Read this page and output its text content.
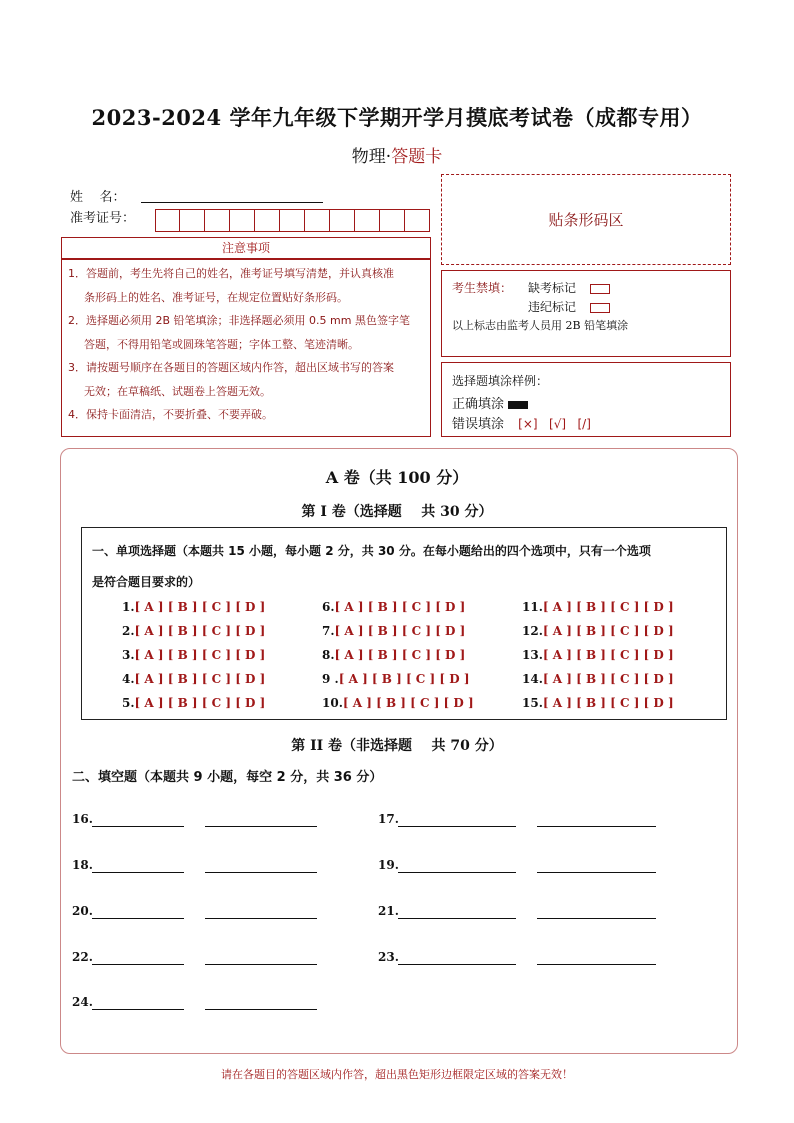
2023-2024 学年九年级下学期开学月摸底考试卷（成都专用）
物理·答题卡
姓    名：
准考证号：
注意事项
1．答题前，考生先将自己的姓名，准考证号填写清楚，并认真核准
条形码上的姓名、准考证号，在规定位置贴好条形码。
2．选择题必须用 2B 铅笔填涂；非选择题必须用 0.5 mm 黑色签字笔
答题，不得用铅笔或圆珠笔答题；字体工整、笔迹清晰。
3．请按题号顺序在各题目的答题区域内作答，超出区域书写的答案
无效；在草稿纸、试题卷上答题无效。
4．保持卡面清洁，不要折叠、不要弄破。
贴条形码区
考生禁填： 缺考标记
违纪标记
以上标志由监考人员用 2B 铅笔填涂
选择题填涂样例：
正确填涂
错误填涂 [×]   [√]   [/]
A 卷（共 100 分）
第 I 卷（选择题    共 30 分）
一、单项选择题（本题共 15 小题，每小题 2 分，共 30 分。在每小题给出的四个选项中，只有一个选项
是符合题目要求的）
1.[ A ] [ B ] [ C ] [ D ]
2.[ A ] [ B ] [ C ] [ D ]
3.[ A ] [ B ] [ C ] [ D ]
4.[ A ] [ B ] [ C ] [ D ]
5.[ A ] [ B ] [ C ] [ D ]
6.[ A ] [ B ] [ C ] [ D ]
7.[ A ] [ B ] [ C ] [ D ]
8.[ A ] [ B ] [ C ] [ D ]
9 .[ A ] [ B ] [ C ] [ D ]
10.[ A ] [ B ] [ C ] [ D ]
11.[ A ] [ B ] [ C ] [ D ]
12.[ A ] [ B ] [ C ] [ D ]
13.[ A ] [ B ] [ C ] [ D ]
14.[ A ] [ B ] [ C ] [ D ]
15.[ A ] [ B ] [ C ] [ D ]
第 II 卷（非选择题    共 70 分）
二、填空题（本题共 9 小题，每空 2 分，共 36 分）
16.	17.
18.	19.
20.	21.
22.	23.
24.
请在各题目的答题区域内作答，超出黑色矩形边框限定区域的答案无效！
